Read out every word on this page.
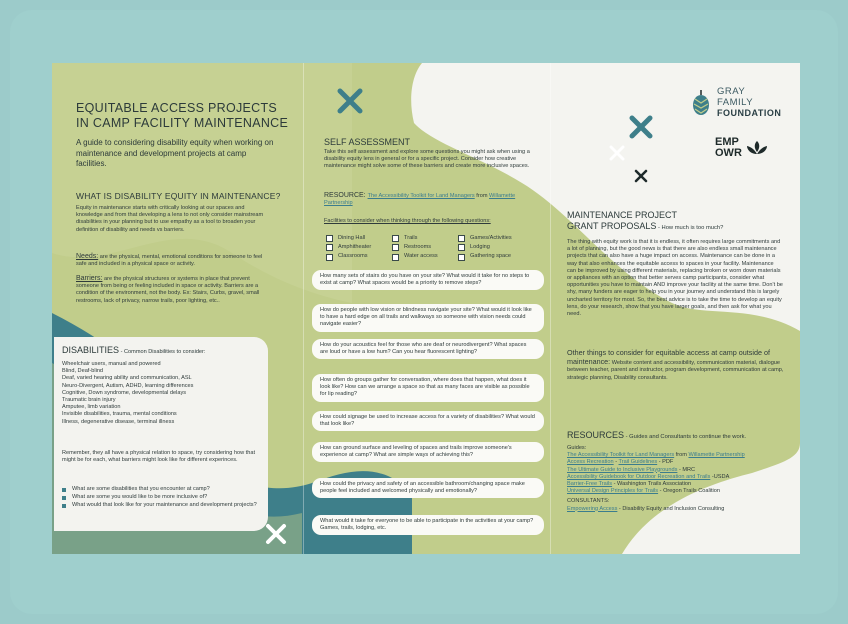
EQUITABLE ACCESS PROJECTS
IN CAMP FACILITY MAINTENANCE
A guide to considering disability equity when working on maintenance and development projects at camp facilities.
WHAT IS DISABILITY EQUITY IN MAINTENANCE?
Equity in maintenance starts with critically looking at our spaces and knowledge and from that developing a lens to not only consider mainstream disabilities in your planning but to use empathy as a tool to broaden your definition of disability and needs vs barriers.
Needs: are the physical, mental, emotional conditions for someone to feel safe and included in a physical space or activity.
Barriers: are the physical structures or systems in place that prevent someone from being or feeling included in space or activity. Barriers are a condition of the environment, not the body. Ex: Stairs, Curbs, gravel, small restrooms, lack of privacy, narrow trails, poor lighting, etc..
DISABILITIES - Common Disabilities to consider:
Wheelchair users, manual and powered
Blind, Deaf-blind
Deaf, varied hearing ability and communication, ASL
Neuro-Divergent, Autism, ADHD, learning differences
Cognitive, Down syndrome, developmental delays
Traumatic brain injury
Amputee, limb variation
Invisible disabilities, trauma, mental conditions
Illness, degenerative disease, terminal illness
Remember, they all have a physical relation to space, try considering how that might be for each, what barriers might look like for different experinces.
What are some disabilities that you encounter at camp?
What are some you would like to be more inclusive of?
What would that look like for your maintenance and development projects?
SELF ASSESSMENT
Take this self assessment and explore some questions you might ask when using a disability equity lens in general or for a specific project. Consider how creative maintenance might solve some of these barriers and create more inclusive spaces.
RESOURCE: The Accessibility Toolkit for Land Managers from Willamette Partnership
Facilities to consider when thinking through the following questions:
Dining Hall	Trails	Games/Activities
Amphitheater	Restrooms	Lodging
Classrooms	Water access	Gathering space
How many sets of stairs do you have on your site? What would it take for no steps to exist at camp? What spaces would be a priority to remove steps?
How do people with low vision or blindness navigate your site? What would it look like to have a hard edge on all trails and walkways so someone with vision needs could navigate easier?
How do your acoustics feel for those who are deaf or neurodivergent? What spaces are loud or have a low hum? Can you hear fluorescent lighting?
How often do groups gather for conversation, where does that happen, what does it look like? How can we arrange a space so that as many faces are visible as possible for lip reading?
How could signage be used to increase access for a variety of disabilities? What would that look like?
How can ground surface and leveling of spaces and trails improve someone's experience at camp? What are simple ways of achieving this?
How could the privacy and safety of an accessible bathroom/changing space make people feel included and welcomed physically and emotionally?
What would it take for everyone to be able to participate in the activities at your camp? Games, trails, lodging, etc.
GRAY
FAMILY
FOUNDATION
EMP
OWR
MAINTENANCE PROJECT
GRANT PROPOSALS - How much is too much?
The thing with equity work is that it is endless, it often requires large commitments and a lot of planning, but the good news is that there are also endless small maintenance projects that can also have a huge impact on access. Maintenance can be done in a way that also enhances the equitable access to spaces in your facility. Maintenance can be improved by using different materials, replacing broken or worn down materials or appliances with an option that better serves camp participants, consider what opportunities you have to maintain AND improve your facility at the same time. Don't be shy, many funders are eager to help you in your journey and understand this is largely uncharted territory for most. So, the best advice is to take the time to develop an equity lens, do your research, show that you have larger goals, and then ask for what you need.
Other things to consider for equitable access at camp outside of maintenance: Website content and accessibility, communication material, dialogue between teacher, parent and instructor, program development, communication at camp, strategic planning, Disability consultants.
RESOURCES - Guides and Consultants to continue the work.
Guides:
The Accessibility Toolkit for Land Managers from Willamette Partnership
Access Recreation - Trail Guidelines - PDF
The Ultimate Guide to Inclusive Playgrounds - MRC
Accessibility Guidebook for Outdoor Recreation and Trails -USDA
Barrier-Free Trails - Washington Trails Association
Universal Design Principles for Trails - Oregon Trails Coalition
CONSULTANTS:
Empowering Access - Disability Equity and Inclusion Consulting
